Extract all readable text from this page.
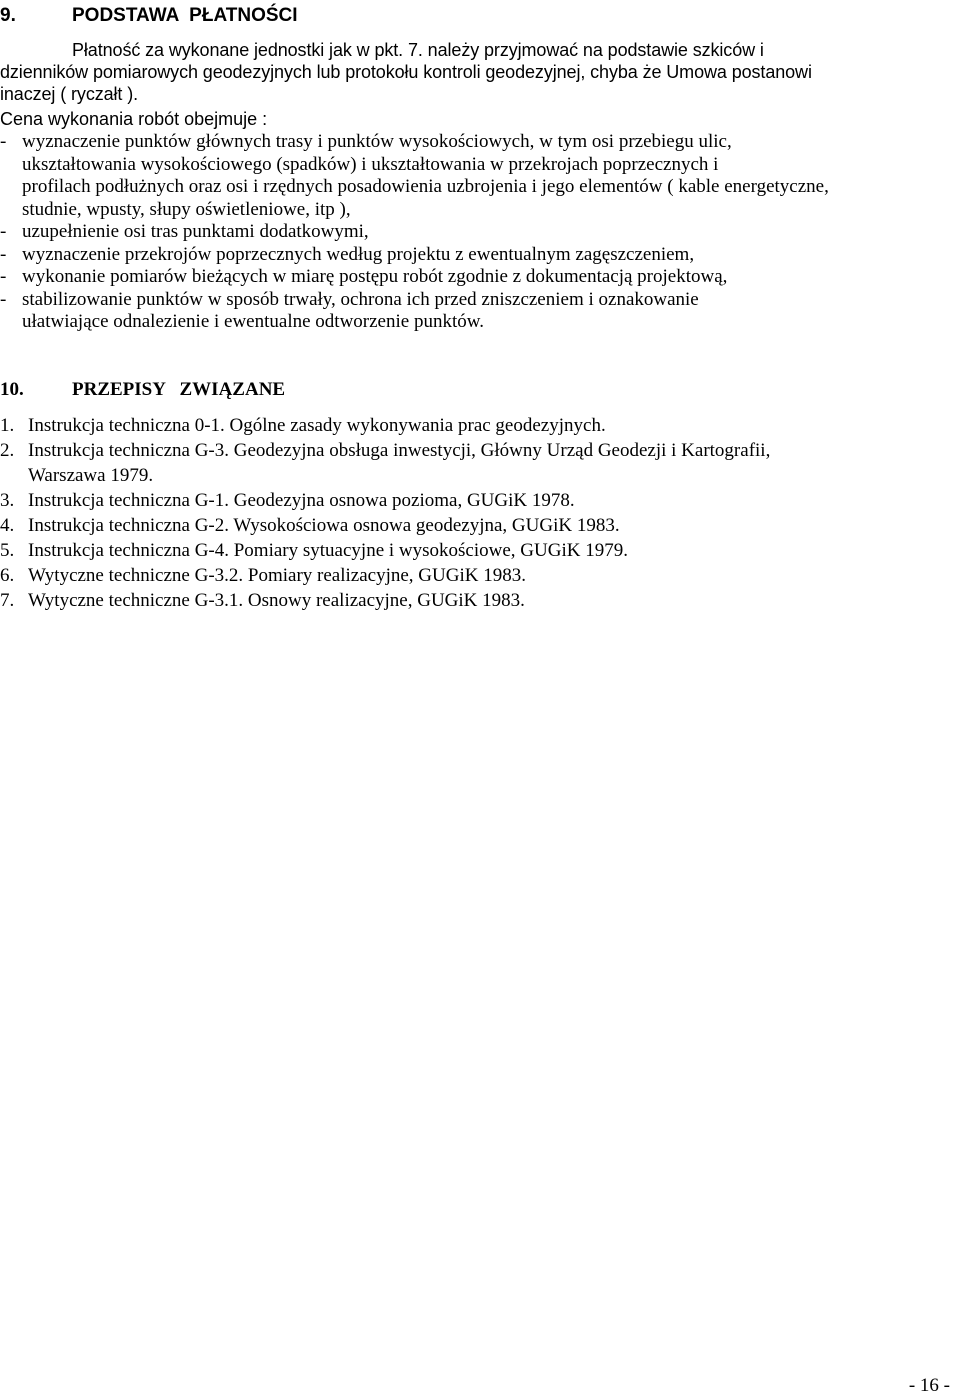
9.	PODSTAWA  PŁATNOŚCI
Płatność za wykonane jednostki jak w pkt. 7. należy przyjmować na podstawie szkiców i
dzienników pomiarowych geodezyjnych lub protokołu kontroli geodezyjnej, chyba że Umowa postanowi
inaczej ( ryczałt ).
Cena wykonania robót obejmuje :
- wyznaczenie punktów głównych trasy i punktów wysokościowych, w tym osi przebiegu ulic,
ukształtowania wysokościowego (spadków) i ukształtowania w przekrojach poprzecznych i
profilach podłużnych oraz osi i rzędnych posadowienia uzbrojenia i jego elementów ( kable energetyczne,
studnie, wpusty, słupy oświetleniowe, itp ),
- uzupełnienie osi tras punktami dodatkowymi,
- wyznaczenie przekrojów poprzecznych według projektu z ewentualnym zagęszczeniem,
- wykonanie pomiarów bieżących w miarę postępu robót zgodnie z dokumentacją projektową,
- stabilizowanie punktów w sposób trwały, ochrona ich przed zniszczeniem i oznakowanie
ułatwiające odnalezienie i ewentualne odtworzenie punktów.
10.	PRZEPISY   ZWIĄZANE
1. Instrukcja techniczna 0-1. Ogólne zasady wykonywania prac geodezyjnych.
2. Instrukcja techniczna G-3. Geodezyjna obsługa inwestycji, Główny Urząd Geodezji i Kartografii,
Warszawa 1979.
3. Instrukcja techniczna G-1. Geodezyjna osnowa pozioma, GUGiK 1978.
4. Instrukcja techniczna G-2. Wysokościowa osnowa geodezyjna, GUGiK 1983.
5. Instrukcja techniczna G-4. Pomiary sytuacyjne i wysokościowe, GUGiK 1979.
6. Wytyczne techniczne G-3.2. Pomiary realizacyjne, GUGiK 1983.
7. Wytyczne techniczne G-3.1. Osnowy realizacyjne, GUGiK 1983.
- 16 -
